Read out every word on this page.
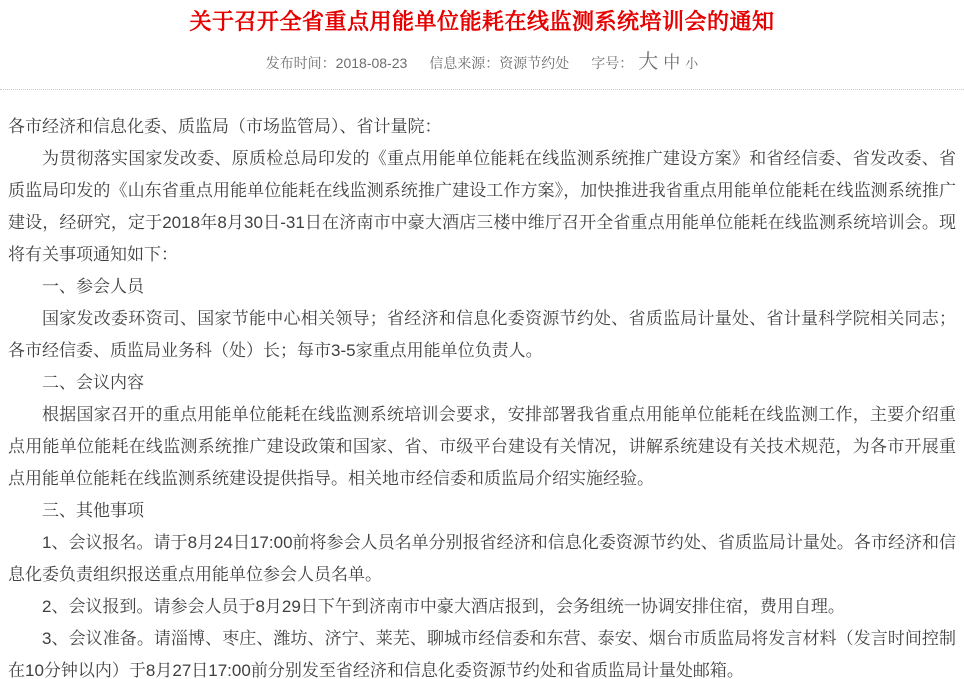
关于召开全省重点用能单位能耗在线监测系统培训会的通知
发布时间：2018-08-23 信息来源：资源节约处 字号： 大 中 小

各市经济和信息化委、质监局（市场监管局）、省计量院：

为贯彻落实国家发改委、原质检总局印发的《重点用能单位能耗在线监测系统推广建设方案》和省经信委、省发改委、省质监局印发的《山东省重点用能单位能耗在线监测系统推广建设工作方案》，加快推进我省重点用能单位能耗在线监测系统推广建设，经研究，定于2018年8月30日-31日在济南市中豪大酒店三楼中维厅召开全省重点用能单位能耗在线监测系统培训会。现将有关事项通知如下：

一、参会人员

国家发改委环资司、国家节能中心相关领导；省经济和信息化委资源节约处、省质监局计量处、省计量科学院相关同志；各市经信委、质监局业务科（处）长；每市3-5家重点用能单位负责人。

二、会议内容

根据国家召开的重点用能单位能耗在线监测系统培训会要求，安排部署我省重点用能单位能耗在线监测工作，主要介绍重点用能单位能耗在线监测系统推广建设政策和国家、省、市级平台建设有关情况，讲解系统建设有关技术规范，为各市开展重点用能单位能耗在线监测系统建设提供指导。相关地市经信委和质监局介绍实施经验。

三、其他事项

1、会议报名。请于8月24日17:00前将参会人员名单分别报省经济和信息化委资源节约处、省质监局计量处。各市经济和信息化委负责组织报送重点用能单位参会人员名单。

2、会议报到。请参会人员于8月29日下午到济南市中豪大酒店报到，会务组统一协调安排住宿，费用自理。

3、会议准备。请淄博、枣庄、潍坊、济宁、莱芜、聊城市经信委和东营、泰安、烟台市质监局将发言材料（发言时间控制在10分钟以内）于8月27日17:00前分别发至省经济和信息化委资源节约处和省质监局计量处邮箱。
